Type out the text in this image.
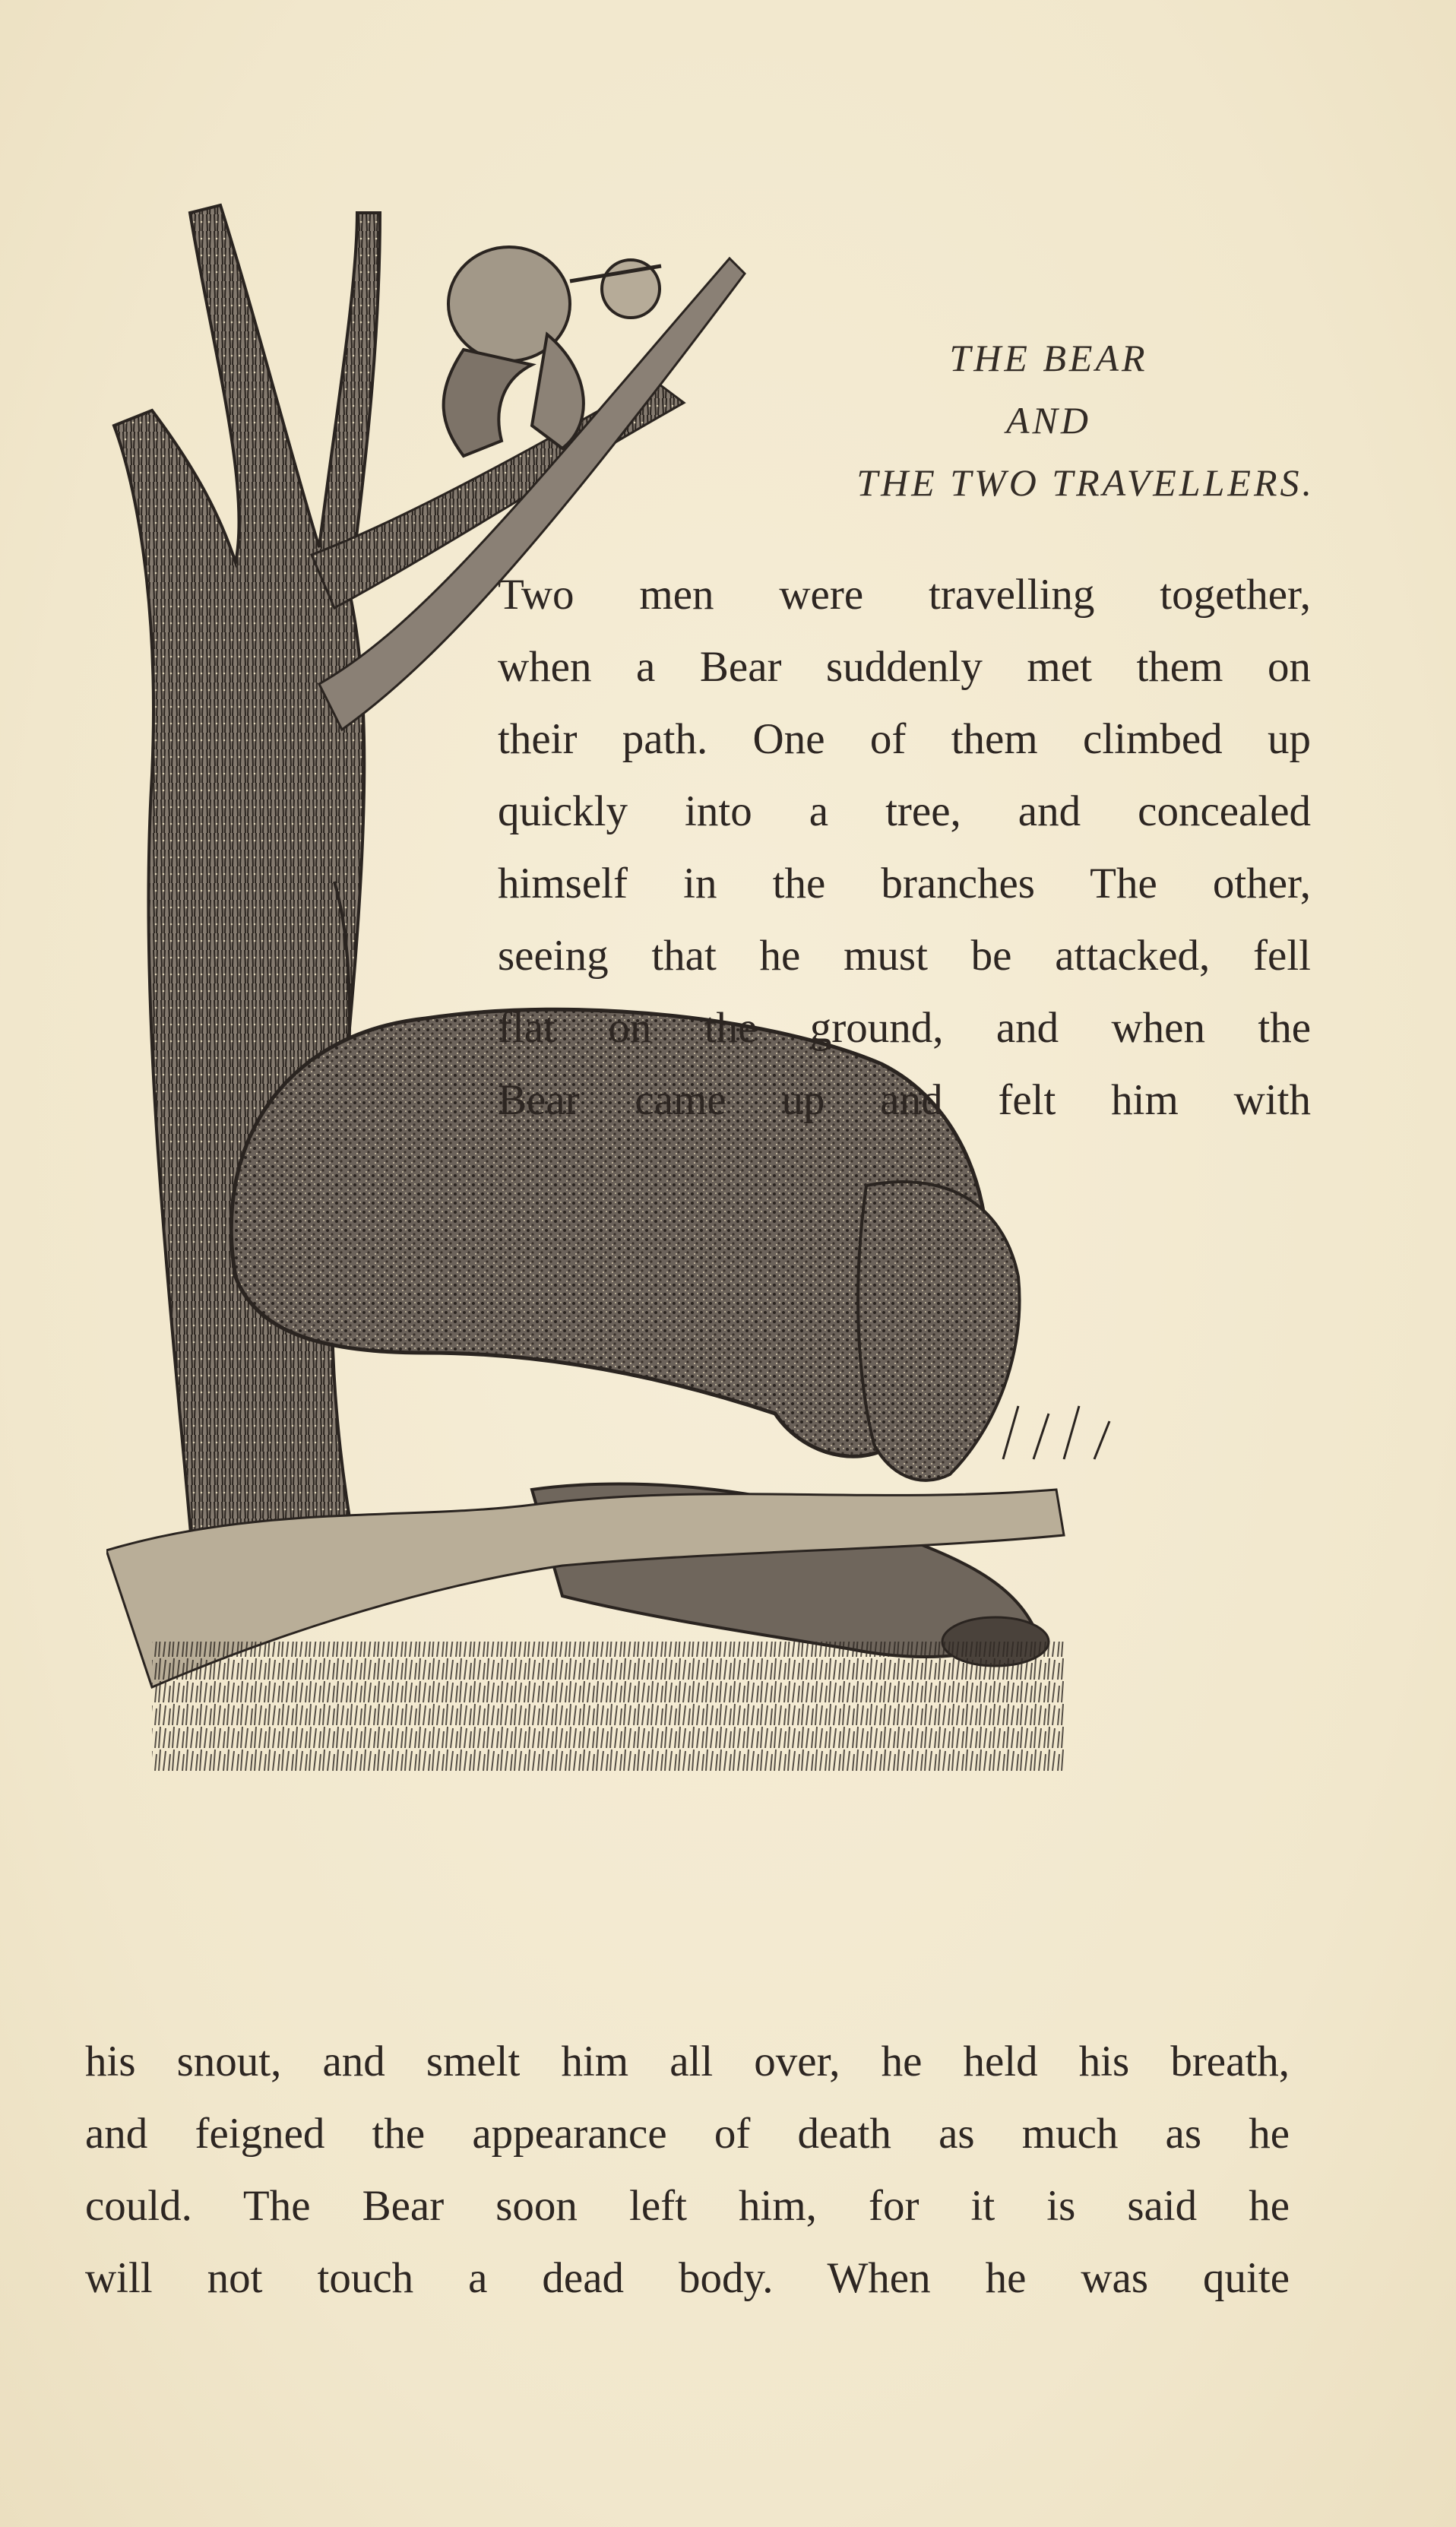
THE BEAR
AND
THE TWO TRAVELLERS.
Two men were travelling together,
when a Bear suddenly met them on
their path. One of them climbed up
quickly into a tree, and concealed
himself in the branches The other,
seeing that he must be attacked, fell
flat on the ground, and when the
Bear came up and felt him with
his snout, and smelt him all over, he held his breath,
and feigned the appearance of death as much as he
could. The Bear soon left him, for it is said he
will not touch a dead body. When he was quite
